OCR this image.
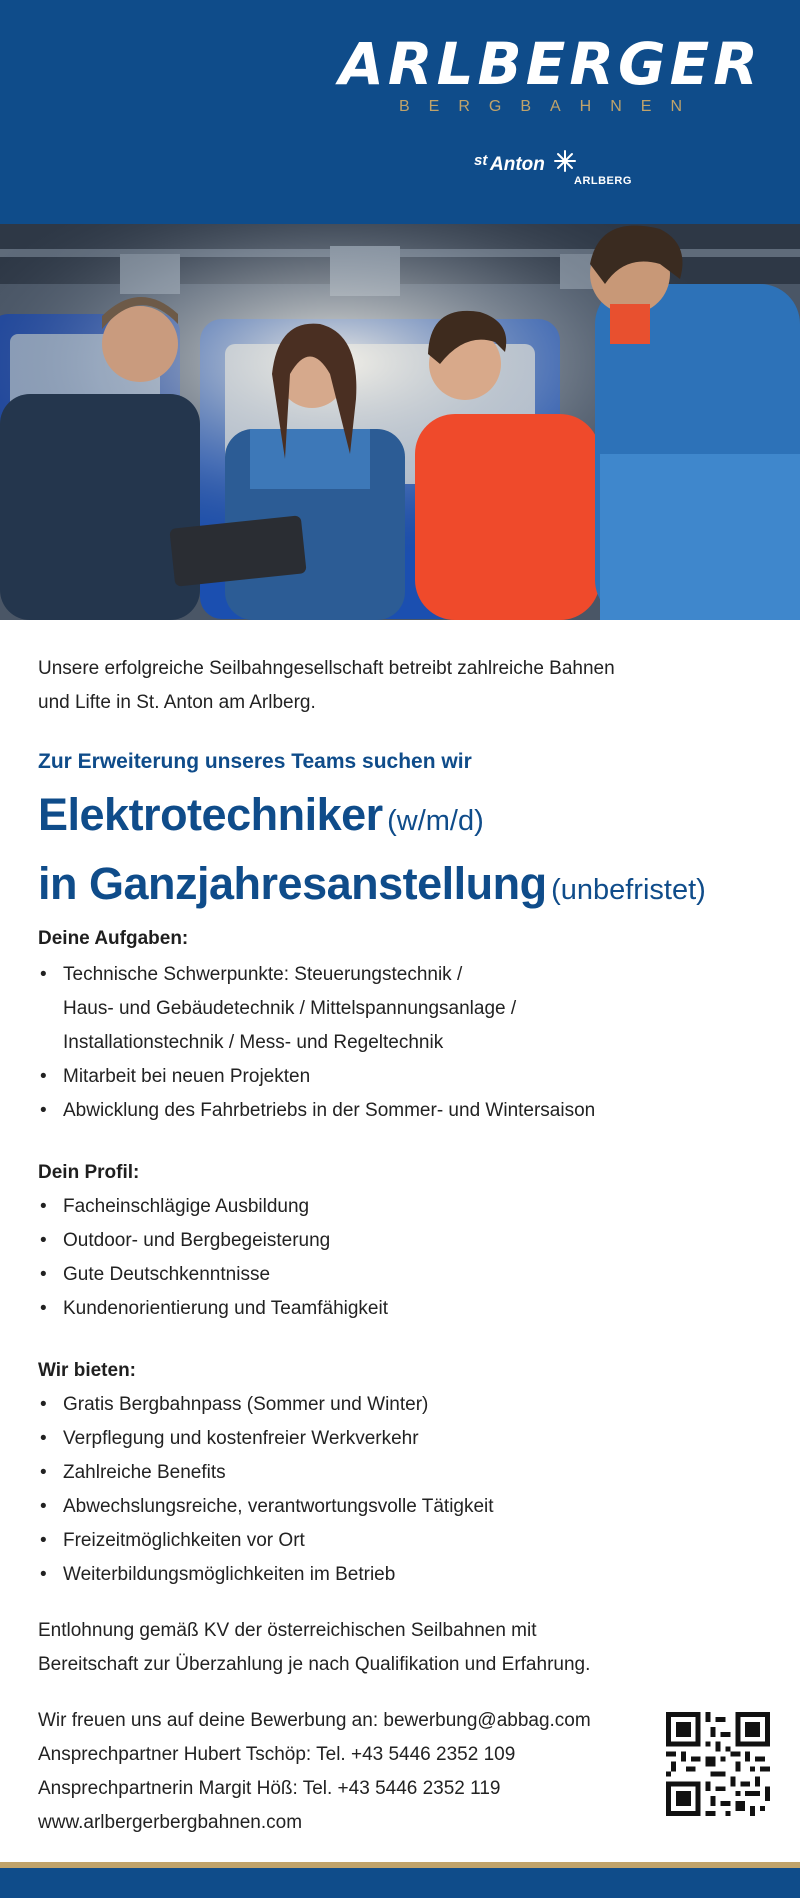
ARLBERGER
BERGBAHNEN
st Anton
ARLBERG
Unsere erfolgreiche Seilbahngesellschaft betreibt zahlreiche Bahnen
und Lifte in St. Anton am Arlberg.
Zur Erweiterung unseres Teams suchen wir
Elektrotechniker (w/m/d)
in Ganzjahresanstellung (unbefristet)
Deine Aufgaben:
• Technische Schwerpunkte: Steuerungstechnik /
Haus- und Gebäudetechnik / Mittelspannungsanlage /
Installationstechnik / Mess- und Regeltechnik
• Mitarbeit bei neuen Projekten
• Abwicklung des Fahrbetriebs in der Sommer- und Wintersaison
Dein Profil:
• Facheinschlägige Ausbildung
• Outdoor- und Bergbegeisterung
• Gute Deutschkenntnisse
• Kundenorientierung und Teamfähigkeit
Wir bieten:
• Gratis Bergbahnpass (Sommer und Winter)
• Verpflegung und kostenfreier Werkverkehr
• Zahlreiche Benefits
• Abwechslungsreiche, verantwortungsvolle Tätigkeit
• Freizeitmöglichkeiten vor Ort
• Weiterbildungsmöglichkeiten im Betrieb
Entlohnung gemäß KV der österreichischen Seilbahnen mit
Bereitschaft zur Überzahlung je nach Qualifikation und Erfahrung.
Wir freuen uns auf deine Bewerbung an: bewerbung@abbag.com
Ansprechpartner Hubert Tschöp: Tel. +43 5446 2352 109
Ansprechpartnerin Margit Höß: Tel. +43 5446 2352 119
www.arlbergerbergbahnen.com
